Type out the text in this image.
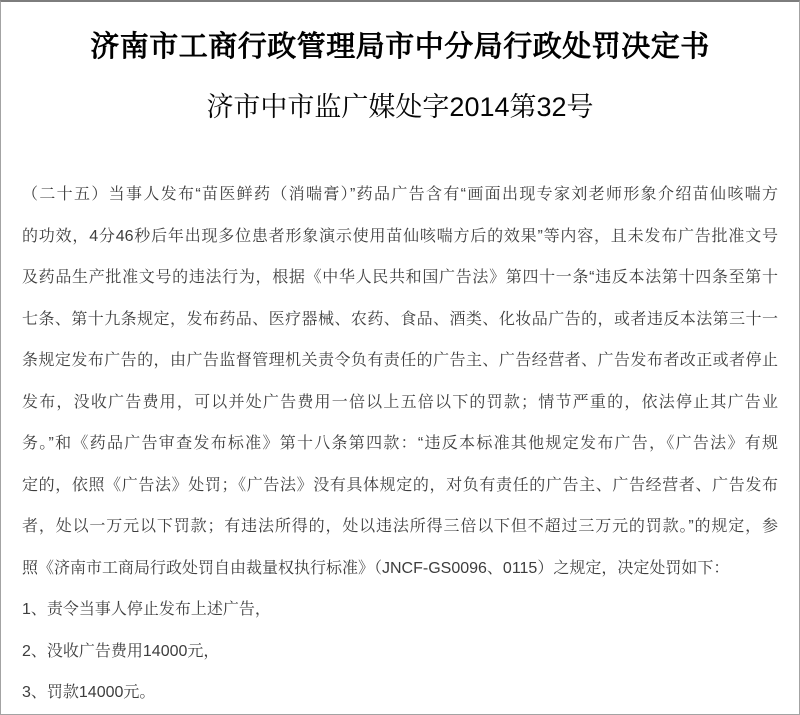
济南市工商行政管理局市中分局行政处罚决定书
济市中市监广媒处字2014第32号
（二十五）当事人发布“苗医鲜药（消喘膏）”药品广告含有“画面出现专家刘老师形象介绍苗仙咳喘方
的功效，4分46秒后年出现多位患者形象演示使用苗仙咳喘方后的效果”等内容，且未发布广告批准文号
及药品生产批准文号的违法行为，根据《中华人民共和国广告法》第四十一条“违反本法第十四条至第十
七条、第十九条规定，发布药品、医疗器械、农药、食品、酒类、化妆品广告的，或者违反本法第三十一
条规定发布广告的，由广告监督管理机关责令负有责任的广告主、广告经营者、广告发布者改正或者停止
发布，没收广告费用，可以并处广告费用一倍以上五倍以下的罚款；情节严重的，依法停止其广告业
务。”和《药品广告审查发布标准》第十八条第四款：“违反本标准其他规定发布广告，《广告法》有规
定的，依照《广告法》处罚；《广告法》没有具体规定的，对负有责任的广告主、广告经营者、广告发布
者，处以一万元以下罚款；有违法所得的，处以违法所得三倍以下但不超过三万元的罚款。”的规定，参
照《济南市工商局行政处罚自由裁量权执行标准》（JNCF-GS0096、0115）之规定，决定处罚如下：
1、责令当事人停止发布上述广告，
2、没收广告费用14000元，
3、罚款14000元。
